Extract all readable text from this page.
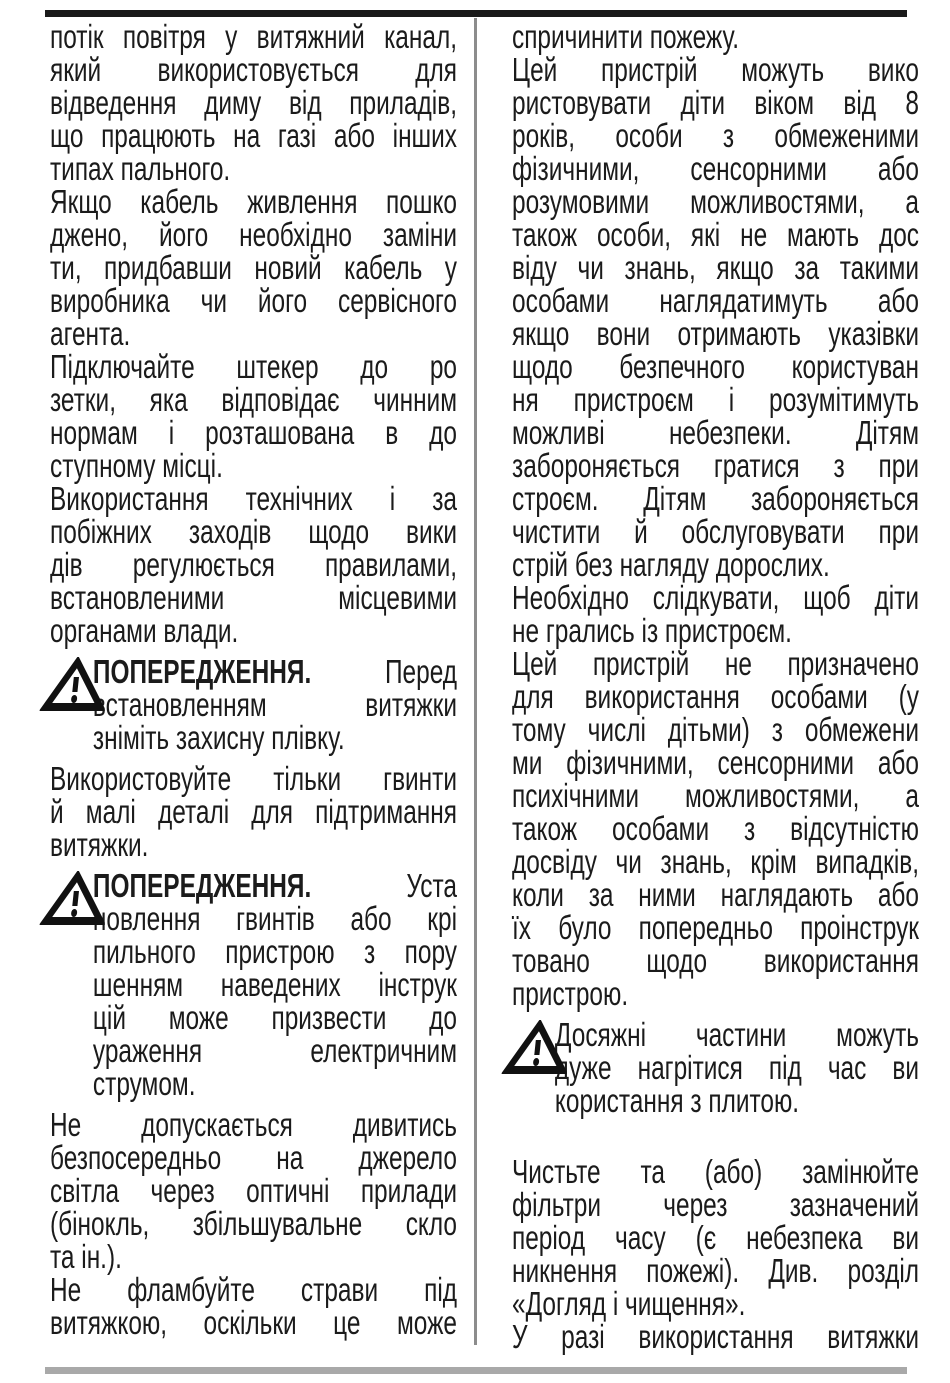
потік повітря у витяжний канал,
який використовується для
відведення диму від приладів,
що працюють на газі або інших
типах пального.
Якщо кабель живлення пошко
джено, його необхідно заміни
ти, придбавши новий кабель у
виробника чи його сервісного
агента.
Підключайте штекер до ро
зетки, яка відповідає чинним
нормам і розташована в до
ступному місці.
Використання технічних і за
побіжних заходів щодо вики
дів регулюється правилами,
встановленими місцевими
органами влади.
ПОПЕРЕДЖЕННЯ. Перед
встановленням витяжки
зніміть захисну плівку.
Використовуйте тільки гвинти
й малі деталі для підтримання
витяжки.
ПОПЕРЕДЖЕННЯ. Уста
новлення гвинтів або крі
пильного пристрою з пору
шенням наведених інструк
цій може призвести до
ураження електричним
струмом.
Не допускається дивитись
безпосередньо на джерело
світла через оптичні прилади
(бінокль, збільшувальне скло
та ін.).
Не фламбуйте страви під
витяжкою, оскільки це може
спричинити пожежу.
Цей пристрій можуть вико
ристовувати діти віком від 8
років, особи з обмеженими
фізичними, сенсорними або
розумовими можливостями, а
також особи, які не мають дос
віду чи знань, якщо за такими
особами наглядатимуть або
якщо вони отримають указівки
щодо безпечного користуван
ня пристроєм і розумітимуть
можливі небезпеки. Дітям
забороняється гратися з при
строєм. Дітям забороняється
чистити й обслуговувати при
стрій без нагляду дорослих.
Необхідно слідкувати, щоб діти
не грались із пристроєм.
Цей пристрій не призначено
для використання особами (у
тому числі дітьми) з обмежени
ми фізичними, сенсорними або
психічними можливостями, а
також особами з відсутністю
досвіду чи знань, крім випадків,
коли за ними наглядають або
їх було попередньо проінструк
товано щодо використання
пристрою.
Досяжні частини можуть
дуже нагрітися під час ви
користання з плитою.
Чистьте та (або) замінюйте
фільтри через зазначений
період часу (є небезпека ви
никнення пожежі). Див. розділ
«Догляд і чищення».
У разі використання витяжки
